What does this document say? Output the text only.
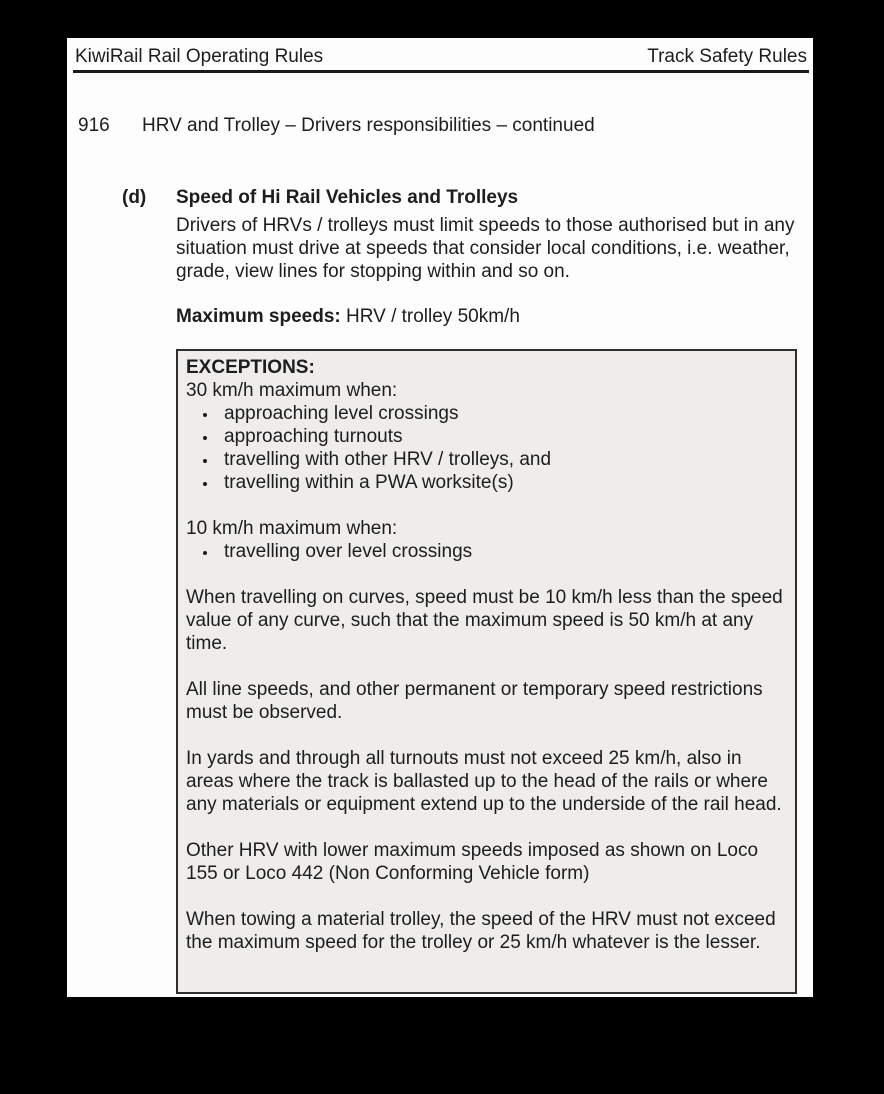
KiwiRail Rail Operating Rules	Track Safety Rules
916	HRV and Trolley – Drivers responsibilities – continued
(d)	Speed of Hi Rail Vehicles and Trolleys

Drivers of HRVs / trolleys must limit speeds to those authorised but in any situation must drive at speeds that consider local conditions, i.e. weather, grade, view lines for stopping within and so on.

Maximum speeds: HRV / trolley 50km/h

EXCEPTIONS:
30 km/h maximum when:
• approaching level crossings
• approaching turnouts
• travelling with other HRV / trolleys, and
• travelling within a PWA worksite(s)
10 km/h maximum when:
• travelling over level crossings

When travelling on curves, speed must be 10 km/h less than the speed value of any curve, such that the maximum speed is 50 km/h at any time.

All line speeds, and other permanent or temporary speed restrictions must be observed.

In yards and through all turnouts must not exceed 25 km/h, also in areas where the track is ballasted up to the head of the rails or where any materials or equipment extend up to the underside of the rail head.

Other HRV with lower maximum speeds imposed as shown on Loco 155 or Loco 442 (Non Conforming Vehicle form)

When towing a material trolley, the speed of the HRV must not exceed the maximum speed for the trolley or 25 km/h whatever is the lesser.
